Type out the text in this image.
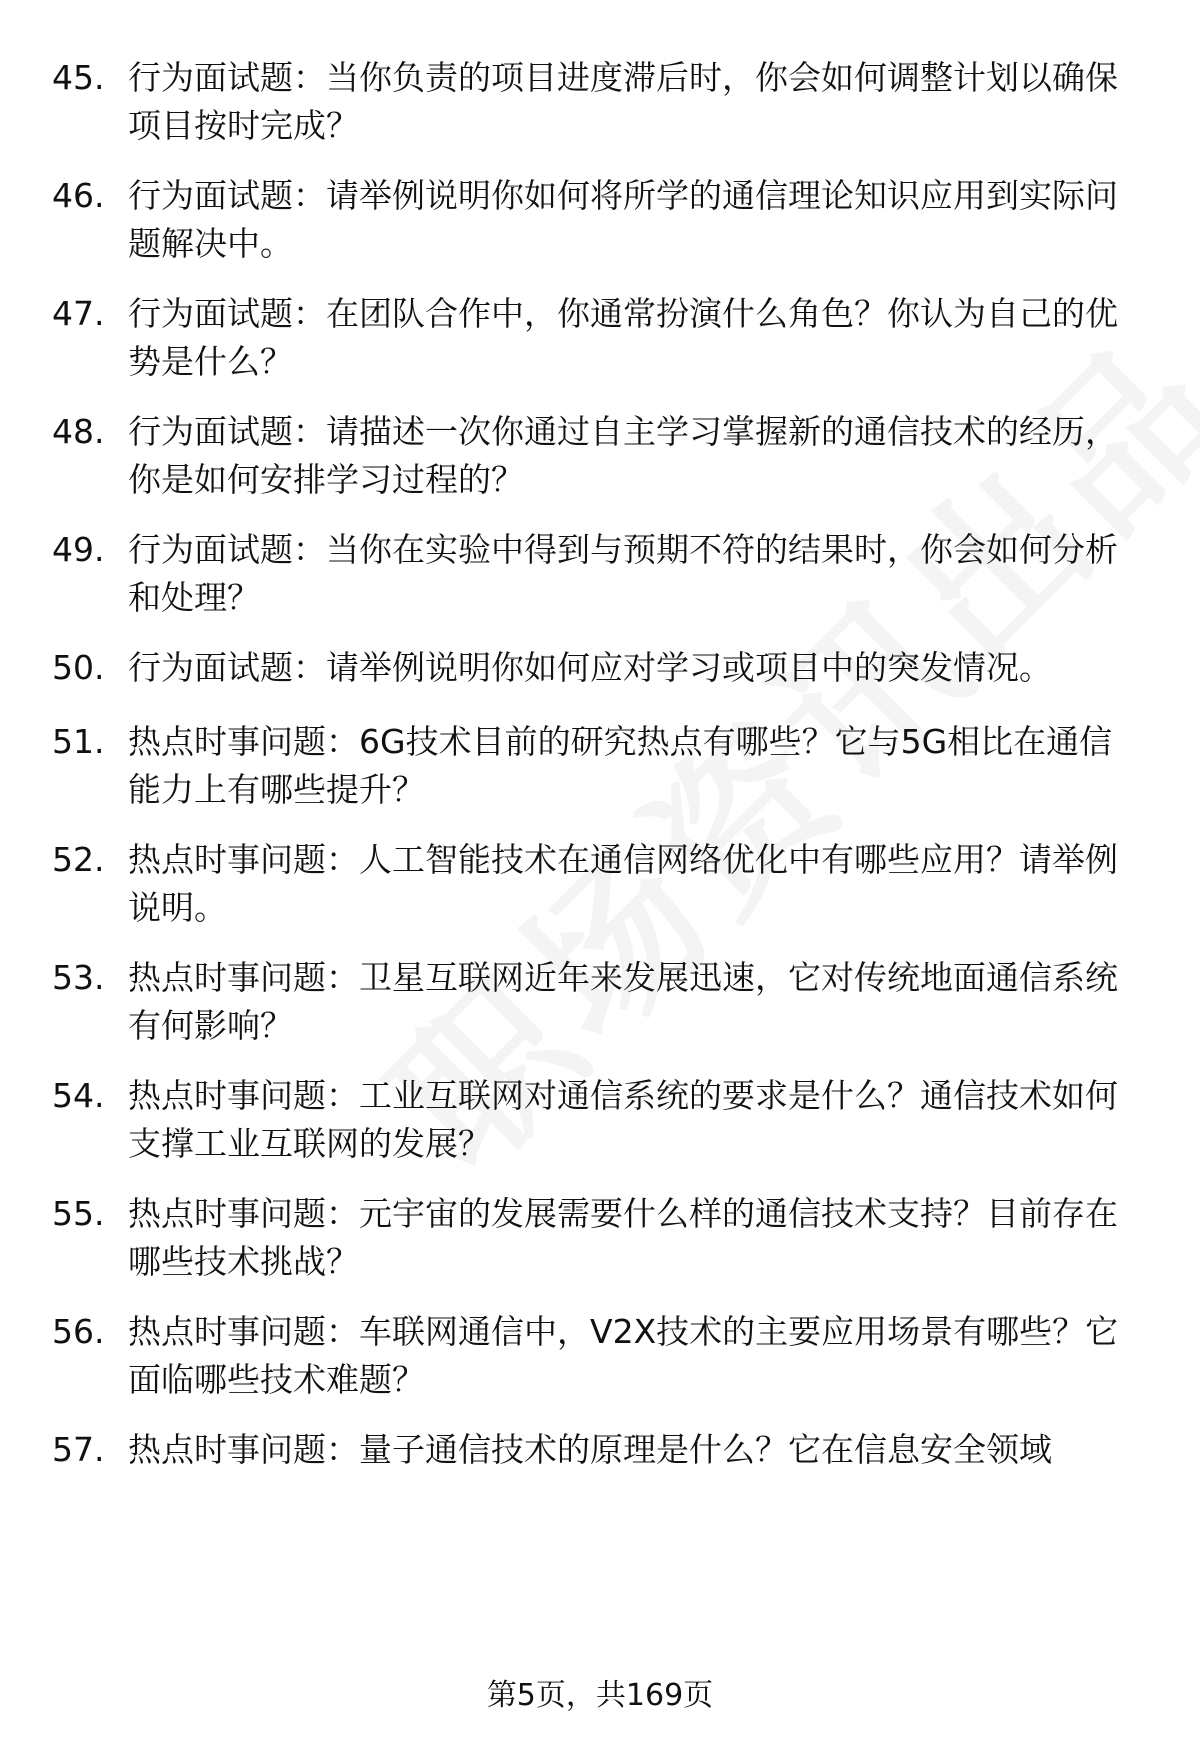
45. 行为面试题：当你负责的项目进度滞后时，你会如何调整计划以确保项目按时完成？
46. 行为面试题：请举例说明你如何将所学的通信理论知识应用到实际问题解决中。
47. 行为面试题：在团队合作中，你通常扮演什么角色？你认为自己的优势是什么？
48. 行为面试题：请描述一次你通过自主学习掌握新的通信技术的经历，你是如何安排学习过程的？
49. 行为面试题：当你在实验中得到与预期不符的结果时，你会如何分析和处理？
50. 行为面试题：请举例说明你如何应对学习或项目中的突发情况。
51. 热点时事问题：6G技术目前的研究热点有哪些？它与5G相比在通信能力上有哪些提升？
52. 热点时事问题：人工智能技术在通信网络优化中有哪些应用？请举例说明。
53. 热点时事问题：卫星互联网近年来发展迅速，它对传统地面通信系统有何影响？
54. 热点时事问题：工业互联网对通信系统的要求是什么？通信技术如何支撑工业互联网的发展？
55. 热点时事问题：元宇宙的发展需要什么样的通信技术支持？目前存在哪些技术挑战？
56. 热点时事问题：车联网通信中，V2X技术的主要应用场景有哪些？它面临哪些技术难题？
57. 热点时事问题：量子通信技术的原理是什么？它在信息安全领域
第5页，共169页
